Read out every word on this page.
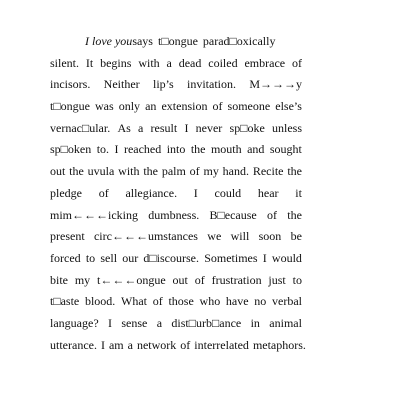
I love you says t□ongue parad□oxically
silent. It begins with a dead coiled embrace of
incisors. Neither lip’s invitation. M→→→y
t□ongue was only an extension of someone else’s
vernac□ular. As a result I never sp□oke unless
sp□oken to. I reached into the mouth and sought
out the uvula with the palm of my hand. Recite the
pledge of allegiance. I could hear it
mim←←←icking dumbness. B□ecause of the
present circ←←←umstances we will soon be
forced to sell our d□iscourse. Sometimes I would
bite my t←←←ongue out of frustration just to
t□aste blood. What of those who have no verbal
language? I sense a dist□urb□ance in animal
utterance. I am a network of interrelated metaphors.
